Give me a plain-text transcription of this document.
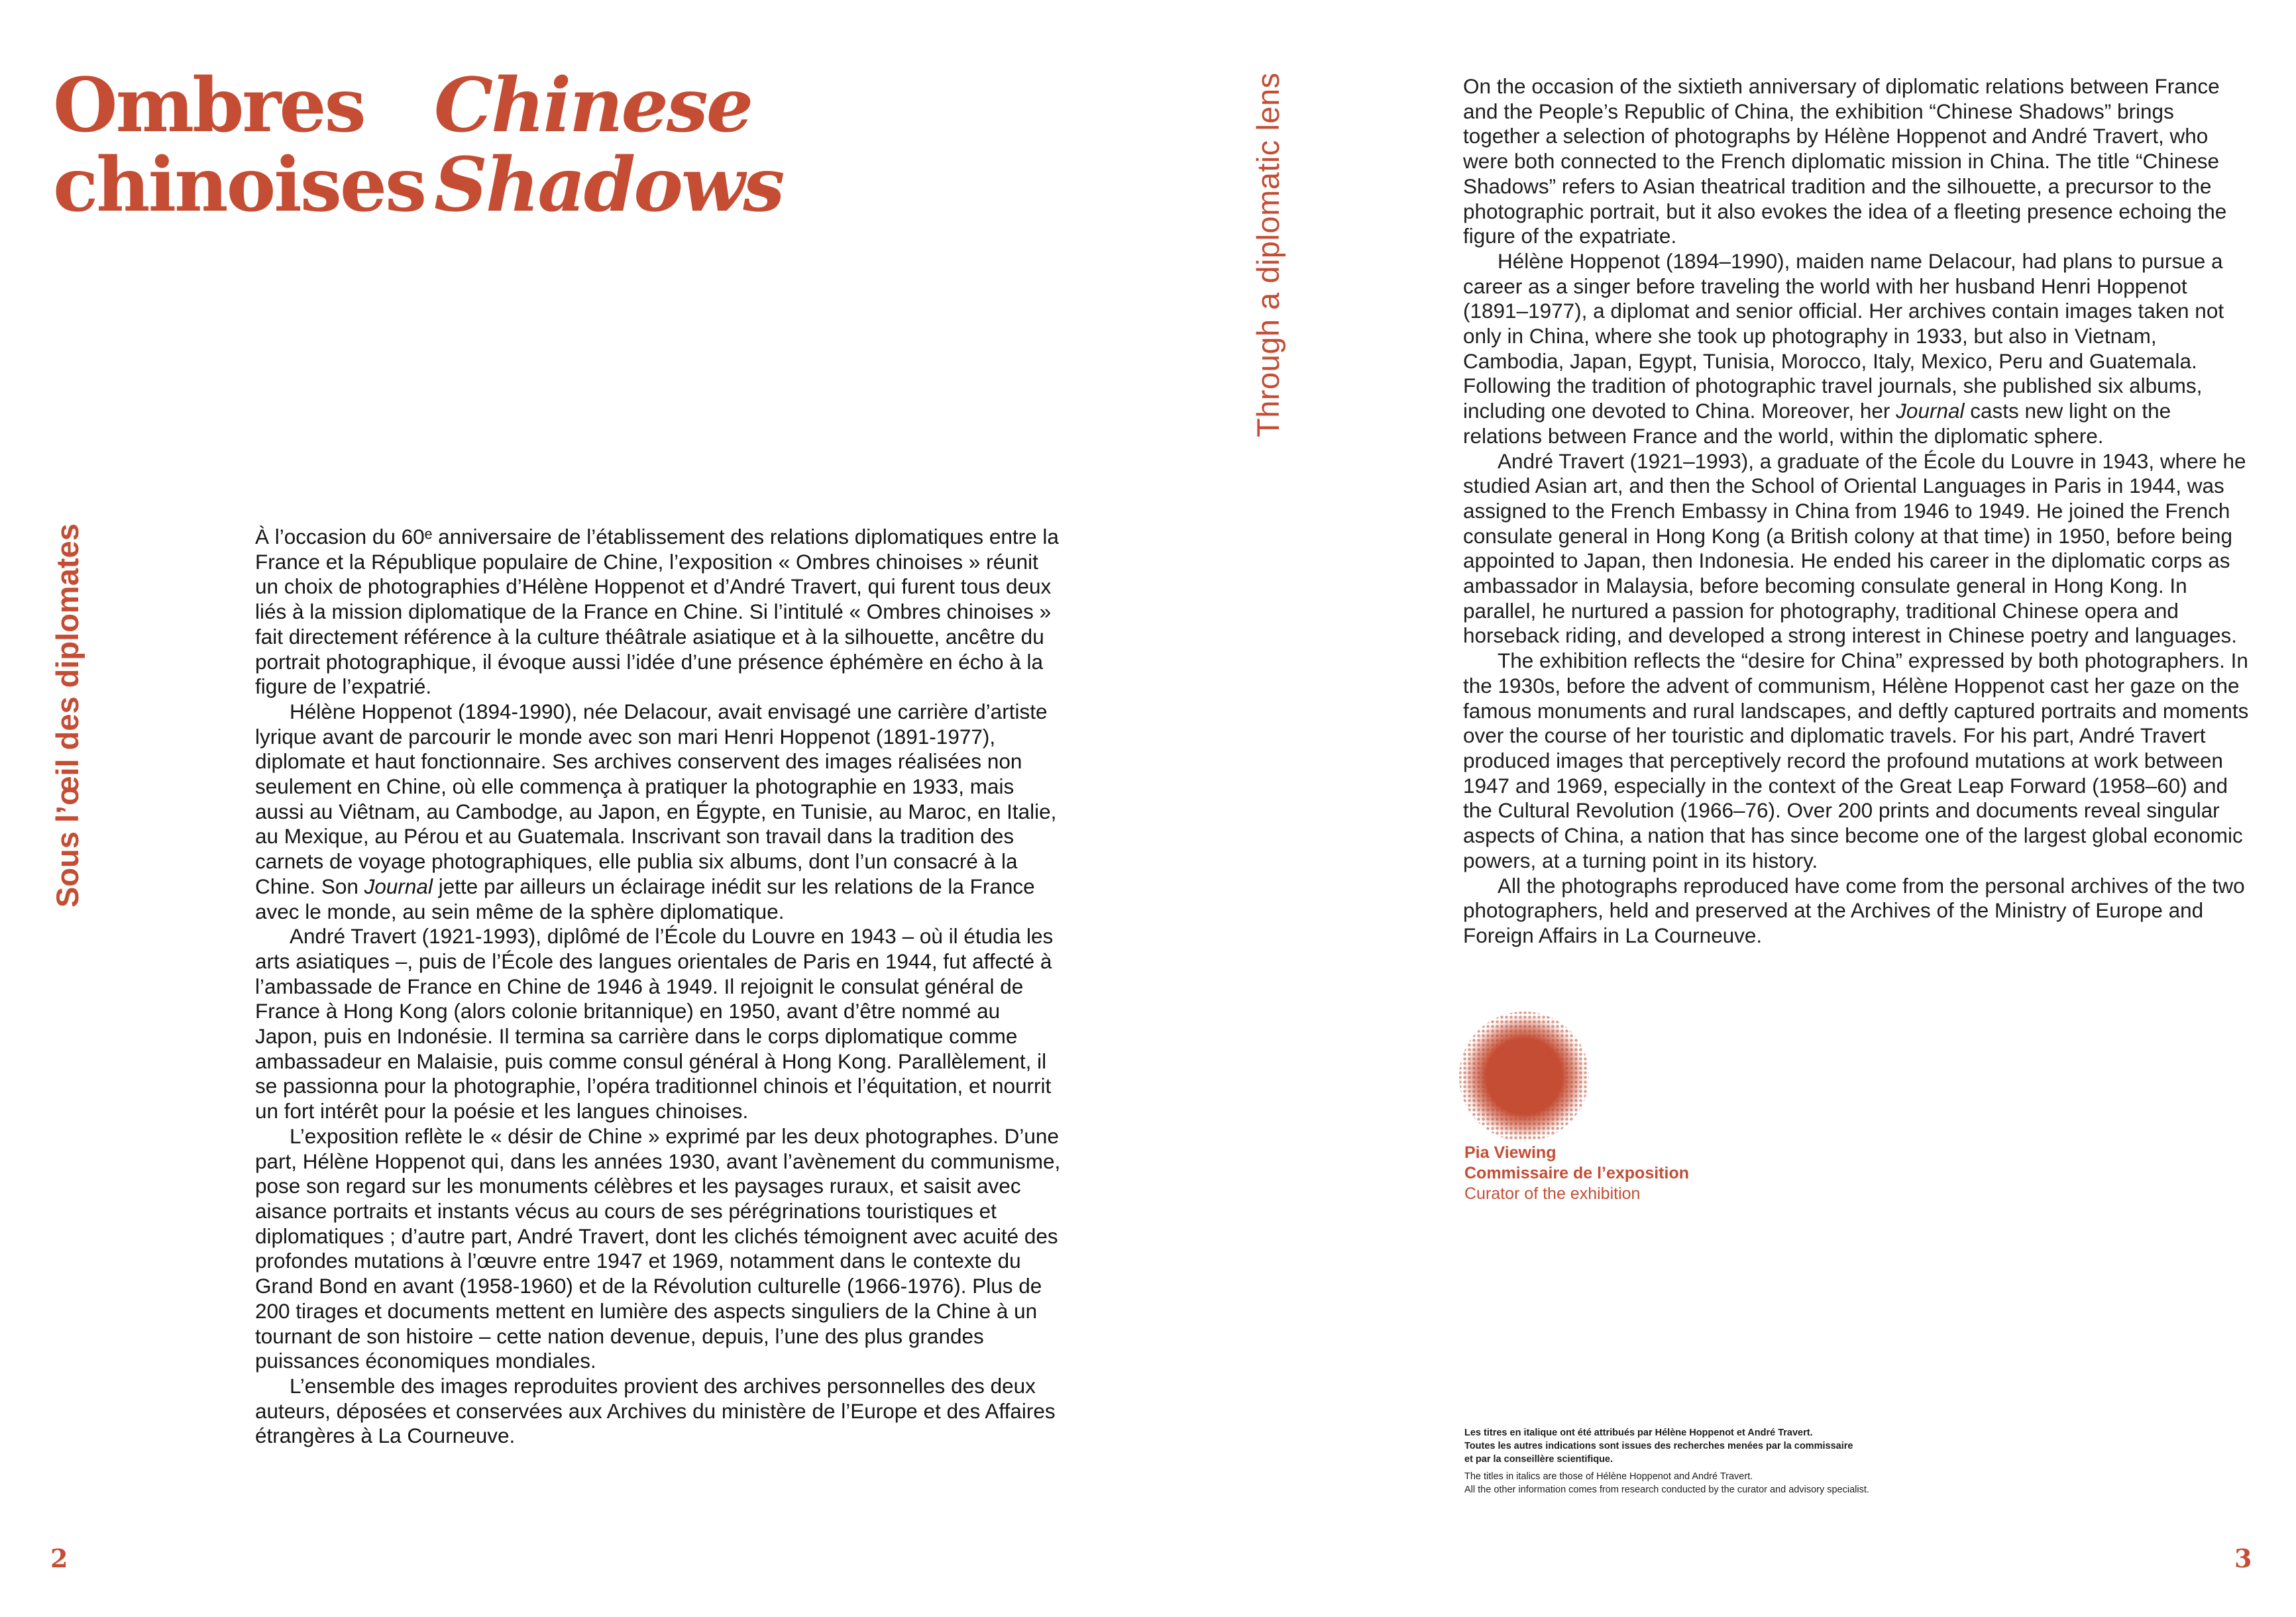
Ombres
chinoises
Sous l’œil des diplomates	À l’occasion du 60ᵉ anniversaire de l’établissement des relations diplomatiques entre la France et la République populaire de Chine, l’exposition « Ombres chinoises » réunit un choix de photographies d’Hélène Hoppenot et d’André Travert, qui furent tous deux liés à la mission diplomatique de la France en Chine. Si l’intitulé « Ombres chinoises » fait directement référence à la culture théâtrale asiatique et à la silhouette, ancêtre du portrait photographique, il évoque aussi l’idée d’une présence éphémère en écho à la figure de l’expatrié.

Hélène Hoppenot (1894-1990), née Delacour, avait envisagé une carrière d’artiste lyrique avant de parcourir le monde avec son mari Henri Hoppenot (1891-1977), diplomate et haut fonctionnaire. Ses archives conservent des images réalisées non seulement en Chine, où elle commença à pratiquer la photographie en 1933, mais aussi au Viêtnam, au Cambodge, au Japon, en Égypte, en Tunisie, au Maroc, en Italie, au Mexique, au Pérou et au Guatemala. Inscrivant son travail dans la tradition des carnets de voyage photographiques, elle publia six albums, dont l’un consacré à la Chine. Son Journal jette par ailleurs un éclairage inédit sur les relations de la France avec le monde, au sein même de la sphère diplomatique.

André Travert (1921-1993), diplômé de l’École du Louvre en 1943 – où il étudia les arts asiatiques –, puis de l’École des langues orientales de Paris en 1944, fut affecté à l’ambassade de France en Chine de 1946 à 1949. Il rejoignit le consulat général de France à Hong Kong (alors colonie britannique) en 1950, avant d’être nommé au Japon, puis en Indonésie. Il termina sa carrière dans le corps diplomatique comme ambassadeur en Malaisie, puis comme consul général à Hong Kong. Parallèlement, il se passionna pour la photographie, l’opéra traditionnel chinois et l’équitation, et nourrit un fort intérêt pour la poésie et les langues chinoises.

L’exposition reflète le « désir de Chine » exprimé par les deux photographes. D’une part, Hélène Hoppenot qui, dans les années 1930, avant l’avènement du communisme, pose son regard sur les monuments célèbres et les paysages ruraux, et saisit avec aisance portraits et instants vécus au cours de ses pérégrinations touristiques et diplomatiques ; d’autre part, André Travert, dont les clichés témoignent avec acuité des profondes mutations à l’œuvre entre 1947 et 1969, notamment dans le contexte du Grand Bond en avant (1958-1960) et de la Révolution culturelle (1966-1976). Plus de 200 tirages et documents mettent en lumière des aspects singuliers de la Chine à un tournant de son histoire – cette nation devenue, depuis, l’une des plus grandes puissances économiques mondiales.

L’ensemble des images reproduites provient des archives personnelles des deux auteurs, déposées et conservées aux Archives du ministère de l’Europe et des Affaires étrangères à La Courneuve.

2
Chinese
Shadows	Through a diplomatic lens	On the occasion of the sixtieth anniversary of diplomatic relations between France and the People’s Republic of China, the exhibition “Chinese Shadows” brings together a selection of photographs by Hélène Hoppenot and André Travert, who were both connected to the French diplomatic mission in China. The title “Chinese Shadows” refers to Asian theatrical tradition and the silhouette, a precursor to the photographic portrait, but it also evokes the idea of a fleeting presence echoing the figure of the expatriate.

Hélène Hoppenot (1894–1990), maiden name Delacour, had plans to pursue a career as a singer before traveling the world with her husband Henri Hoppenot (1891–1977), a diplomat and senior official. Her archives contain images taken not only in China, where she took up photography in 1933, but also in Vietnam, Cambodia, Japan, Egypt, Tunisia, Morocco, Italy, Mexico, Peru and Guatemala. Following the tradition of photographic travel journals, she published six albums, including one devoted to China. Moreover, her Journal casts new light on the relations between France and the world, within the diplomatic sphere.

André Travert (1921–1993), a graduate of the École du Louvre in 1943, where he studied Asian art, and then the School of Oriental Languages in Paris in 1944, was assigned to the French Embassy in China from 1946 to 1949. He joined the French consulate general in Hong Kong (a British colony at that time) in 1950, before being appointed to Japan, then Indonesia. He ended his career in the diplomatic corps as ambassador in Malaysia, before becoming consulate general in Hong Kong. In parallel, he nurtured a passion for photography, traditional Chinese opera and horseback riding, and developed a strong interest in Chinese poetry and languages.

The exhibition reflects the “desire for China” expressed by both photographers. In the 1930s, before the advent of communism, Hélène Hoppenot cast her gaze on the famous monuments and rural landscapes, and deftly captured portraits and moments over the course of her touristic and diplomatic travels. For his part, André Travert produced images that perceptively record the profound mutations at work between 1947 and 1969, especially in the context of the Great Leap Forward (1958–60) and the Cultural Revolution (1966–76). Over 200 prints and documents reveal singular aspects of China, a nation that has since become one of the largest global economic powers, at a turning point in its history.

All the photographs reproduced have come from the personal archives of the two photographers, held and preserved at the Archives of the Ministry of Europe and Foreign Affairs in La Courneuve.

Pia Viewing
Commissaire de l’exposition
Curator of the exhibition
Les titres en italique ont été attribués par Hélène Hoppenot et André Travert.
Toutes les autres indications sont issues des recherches menées par la commissaire
et par la conseillère scientifique.
The titles in italics are those of Hélène Hoppenot and André Travert.
All the other information comes from research conducted by the curator and advisory specialist.
3
